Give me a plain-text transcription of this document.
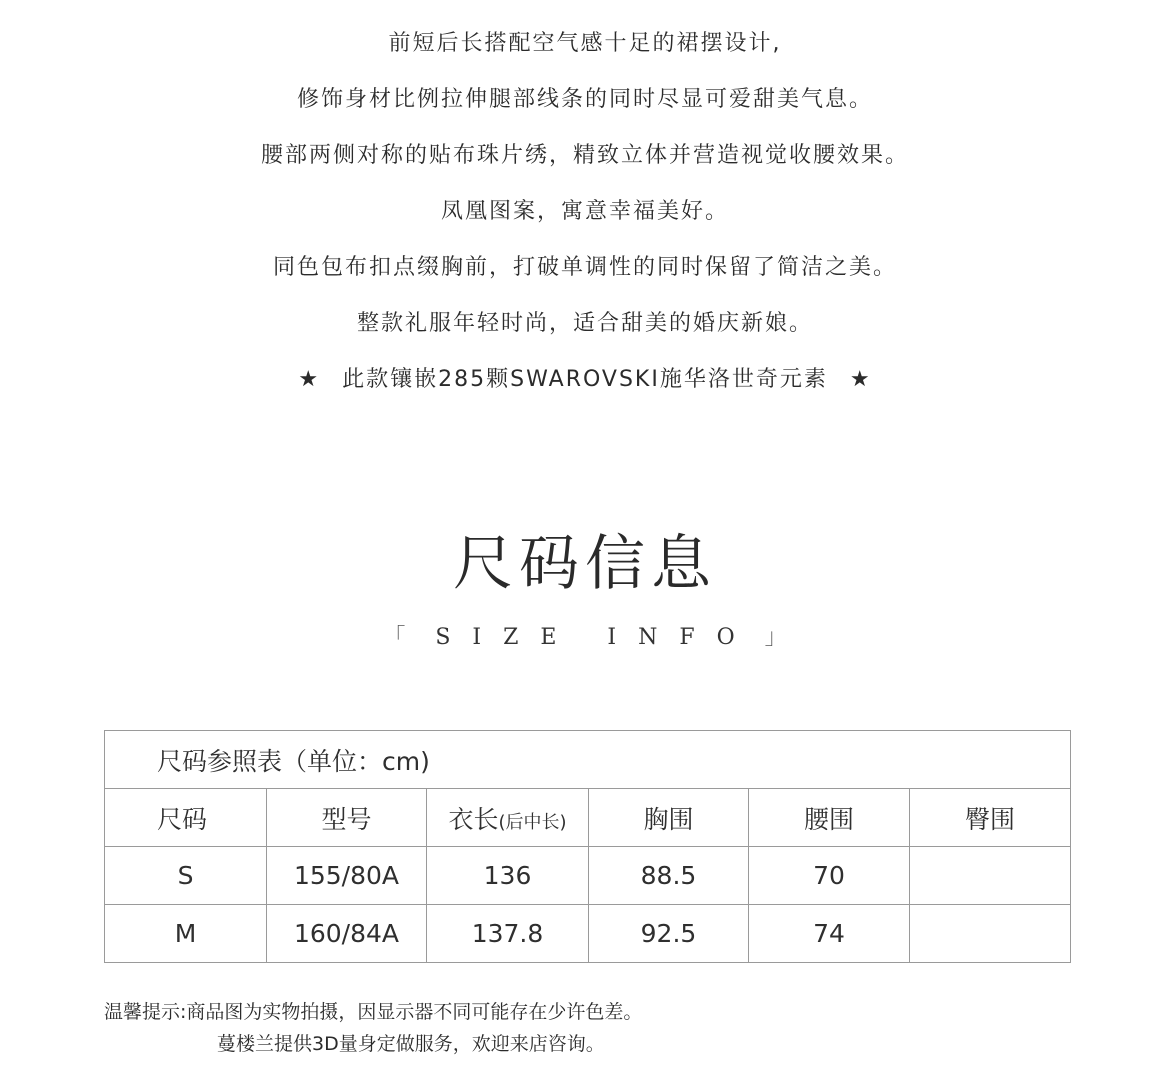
前短后长搭配空气感十足的裙摆设计,
修饰身材比例拉伸腿部线条的同时尽显可爱甜美气息。
腰部两侧对称的贴布珠片绣，精致立体并营造视觉收腰效果。
凤凰图案，寓意幸福美好。
同色包布扣点缀胸前，打破单调性的同时保留了简洁之美。
整款礼服年轻时尚，适合甜美的婚庆新娘。
★ 此款镶嵌285颗SWAROVSKI施华洛世奇元素 ★
尺码信息
「 SIZE INFO 」
尺码参照表（单位：cm)					
尺码	型号	衣长(后中长)	胸围	腰围	臀围
S	155/80A	136	88.5	70	
M	160/84A	137.8	92.5	74	
温馨提示:商品图为实物拍摄，因显示器不同可能存在少许色差。
蔓楼兰提供3D量身定做服务，欢迎来店咨询。
